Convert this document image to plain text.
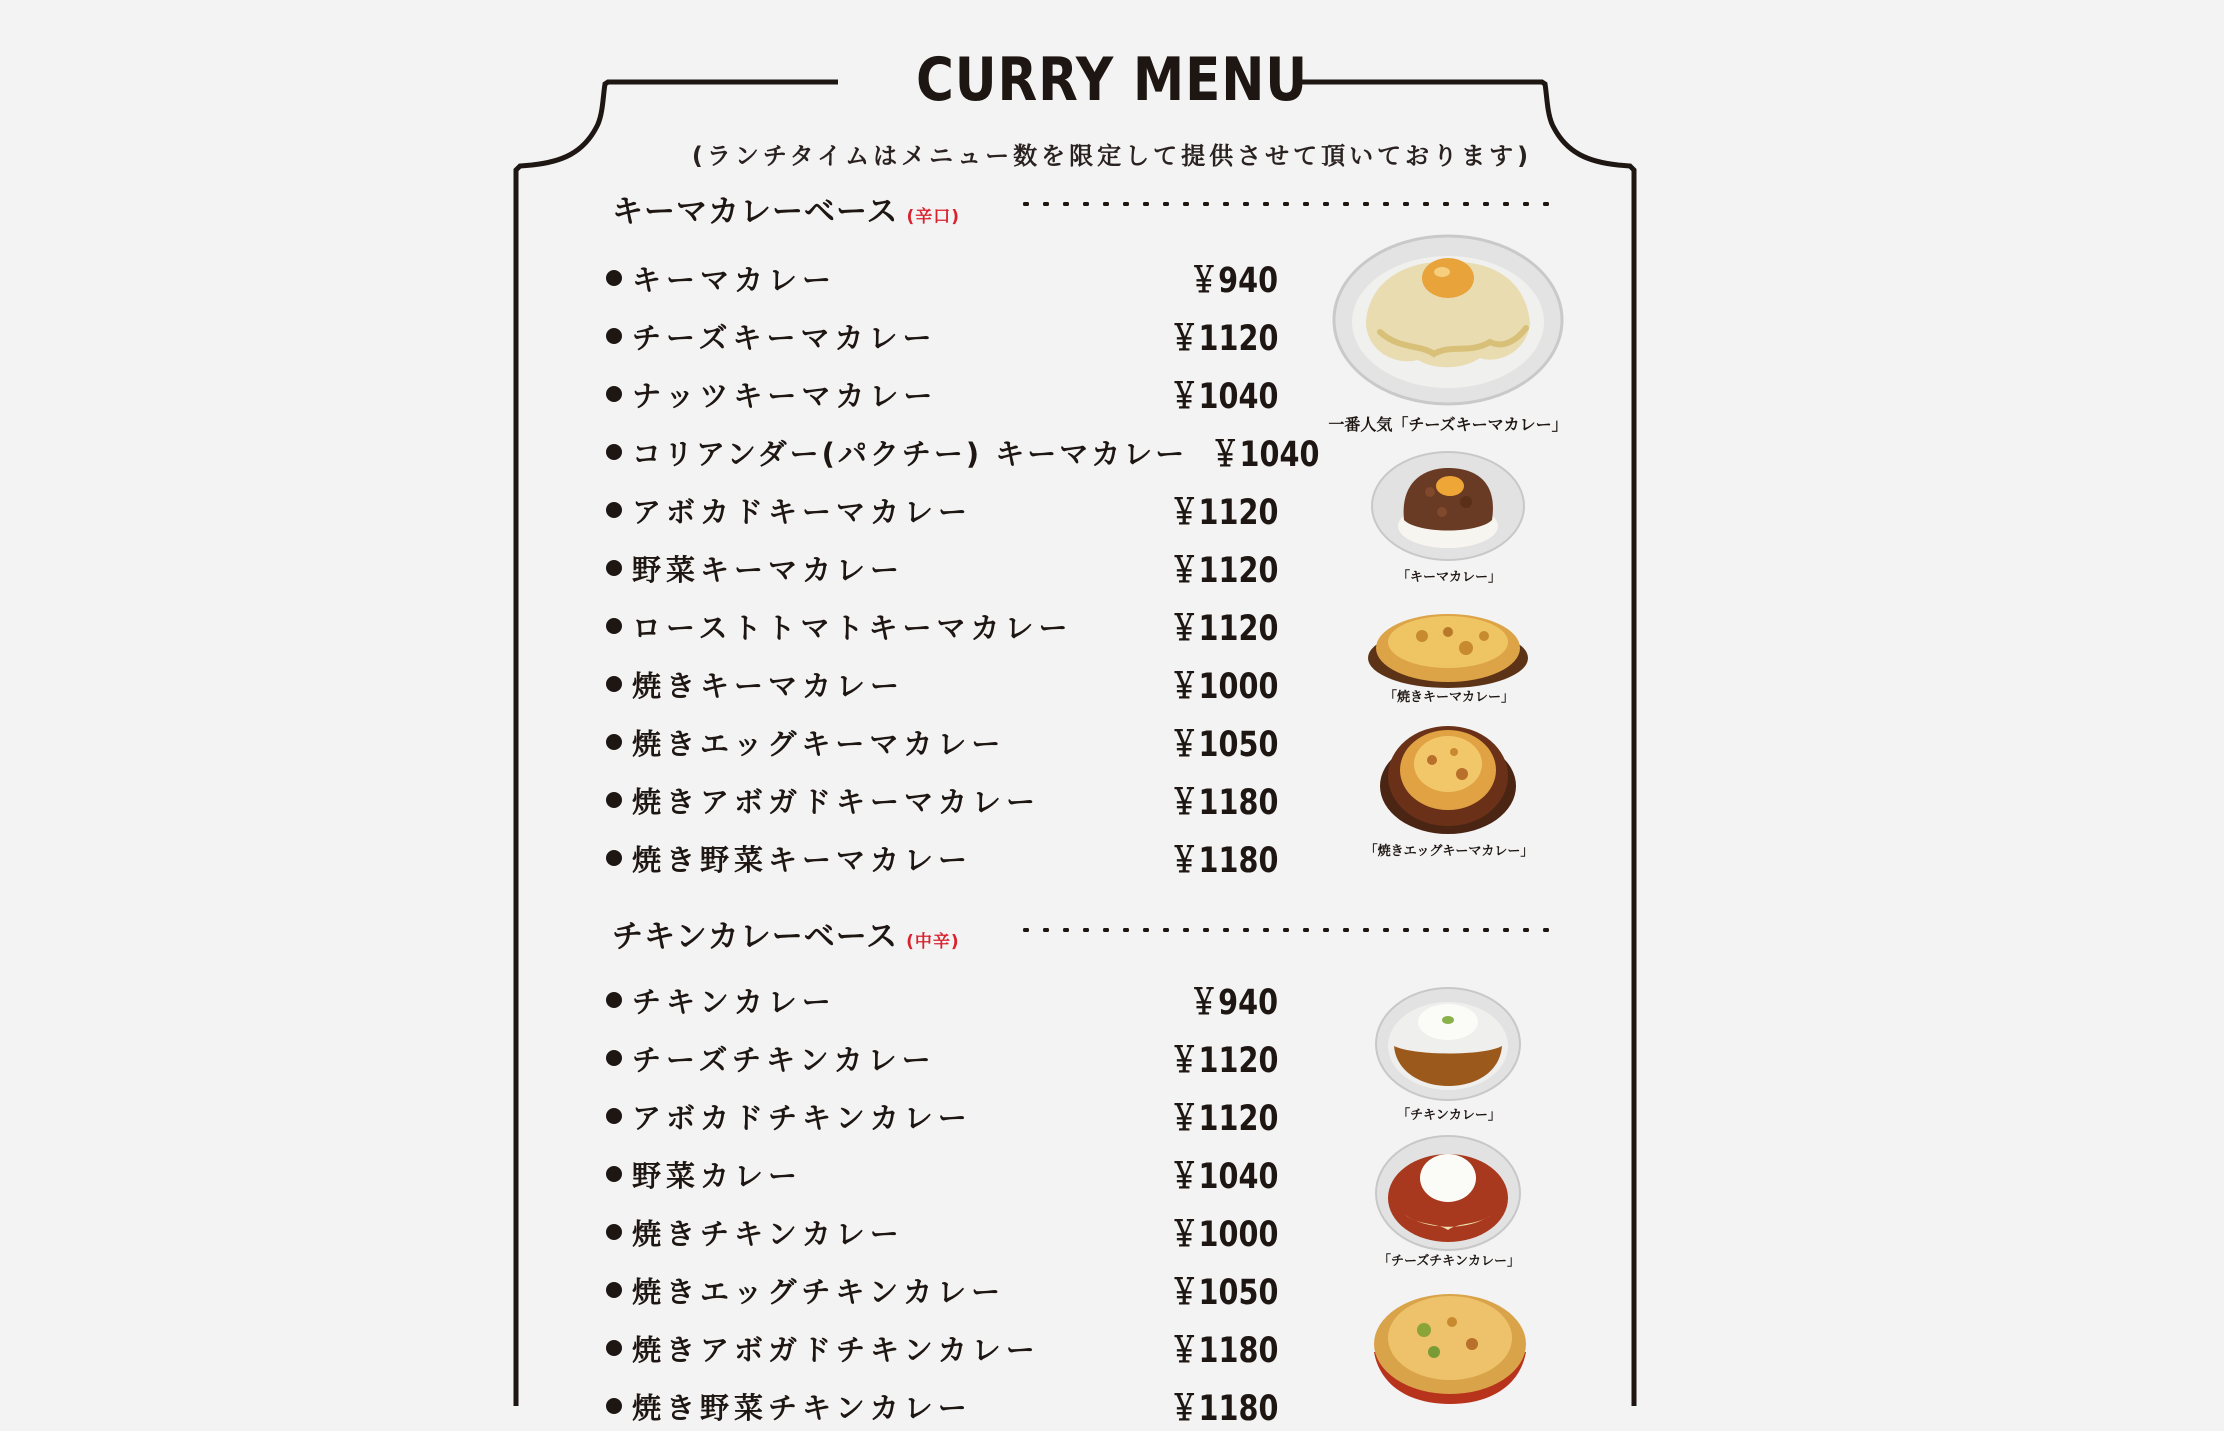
CURRY MENU
(ランチタイムはメニュー数を限定して提供させて頂いております)
キーマカレーベース (辛口)
キーマカレー	￥940
チーズキーマカレー	￥1120
ナッツキーマカレー	￥1040
コリアンダー(パクチー) キーマカレー ￥1040
アボカドキーマカレー	￥1120
野菜キーマカレー	￥1120
ローストトマトキーマカレー	￥1120
焼きキーマカレー	￥1000
焼きエッグキーマカレー	￥1050
焼きアボガドキーマカレー	￥1180
焼き野菜キーマカレー	￥1180
一番人気「チーズキーマカレー」
「キーマカレー」
「焼きキーマカレー」
「焼きエッグキーマカレー」
チキンカレーベース (中辛)
チキンカレー	￥940
チーズチキンカレー	￥1120
アボカドチキンカレー	￥1120
野菜カレー	￥1040
焼きチキンカレー	￥1000
焼きエッグチキンカレー	￥1050
焼きアボガドチキンカレー	￥1180
焼き野菜チキンカレー	￥1180
「チキンカレー」
「チーズチキンカレー」
